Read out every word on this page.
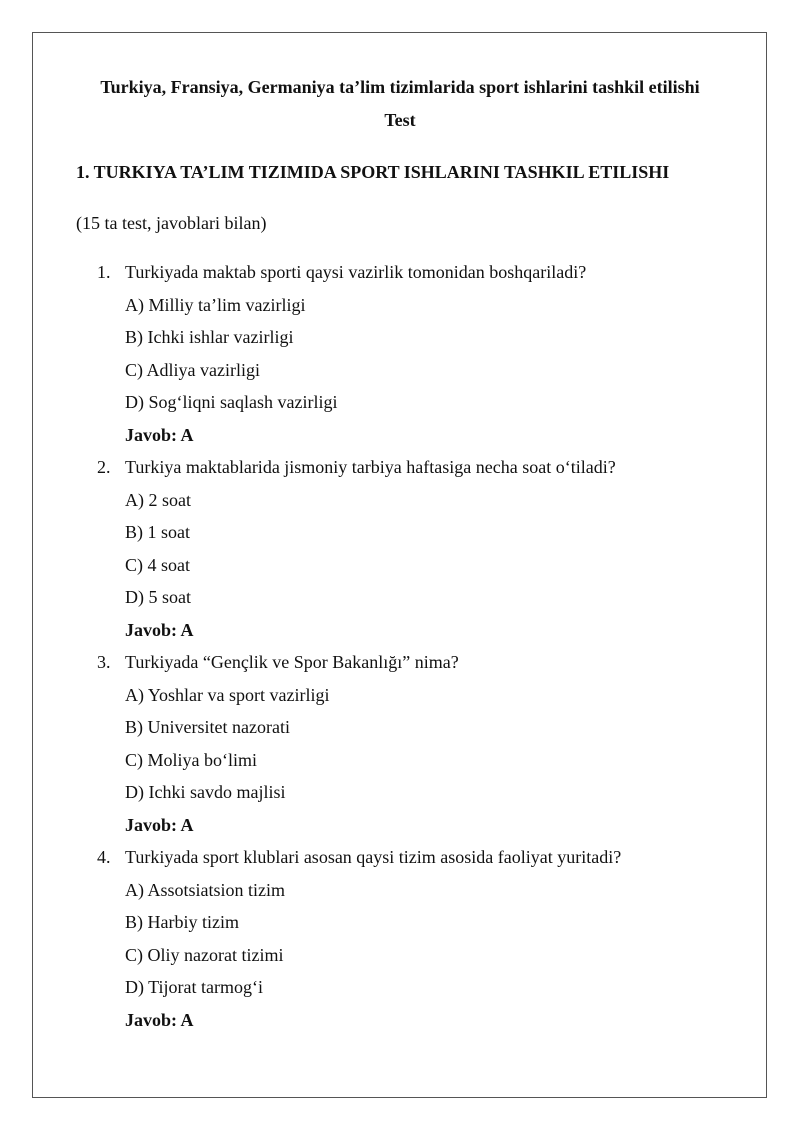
Turkiya, Fransiya, Germaniya ta’lim tizimlarida sport ishlarini tashkil etilishi
Test
1. TURKIYA TA’LIM TIZIMIDA SPORT ISHLARINI TASHKIL ETILISHI
(15 ta test, javoblari bilan)
1. Turkiyada maktab sporti qaysi vazirlik tomonidan boshqariladi?
A) Milliy ta’lim vazirligi
B) Ichki ishlar vazirligi
C) Adliya vazirligi
D) Sog‘liqni saqlash vazirligi
Javob: A
2. Turkiya maktablarida jismoniy tarbiya haftasiga necha soat o‘tiladi?
A) 2 soat
B) 1 soat
C) 4 soat
D) 5 soat
Javob: A
3. Turkiyada “Gençlik ve Spor Bakanlığı” nima?
A) Yoshlar va sport vazirligi
B) Universitet nazorati
C) Moliya bo‘limi
D) Ichki savdo majlisi
Javob: A
4. Turkiyada sport klublari asosan qaysi tizim asosida faoliyat yuritadi?
A) Assotsiatsion tizim
B) Harbiy tizim
C) Oliy nazorat tizimi
D) Tijorat tarmog‘i
Javob: A
